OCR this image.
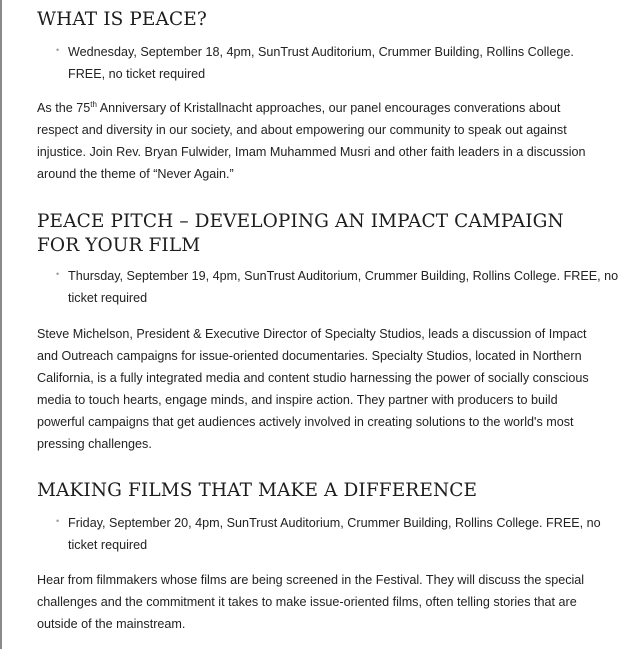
WHAT IS PEACE?
• Wednesday, September 18, 4pm, SunTrust Auditorium, Crummer Building, Rollins College. FREE, no ticket required

As the 75th Anniversary of Kristallnacht approaches, our panel encourages converations about respect and diversity in our society, and about empowering our community to speak out against injustice. Join Rev. Bryan Fulwider, Imam Muhammed Musri and other faith leaders in a discussion around the theme of “Never Again.”

PEACE PITCH – DEVELOPING AN IMPACT CAMPAIGN FOR YOUR FILM
• Thursday, September 19, 4pm, SunTrust Auditorium, Crummer Building, Rollins College. FREE, no ticket required

Steve Michelson, President & Executive Director of Specialty Studios, leads a discussion of Impact and Outreach campaigns for issue-oriented documentaries. Specialty Studios, located in Northern California, is a fully integrated media and content studio harnessing the power of socially conscious media to touch hearts, engage minds, and inspire action. They partner with producers to build powerful campaigns that get audiences actively involved in creating solutions to the world's most pressing challenges.

MAKING FILMS THAT MAKE A DIFFERENCE
• Friday, September 20, 4pm, SunTrust Auditorium, Crummer Building, Rollins College. FREE, no ticket required

Hear from filmmakers whose films are being screened in the Festival. They will discuss the special challenges and the commitment it takes to make issue-oriented films, often telling stories that are outside of the mainstream.
